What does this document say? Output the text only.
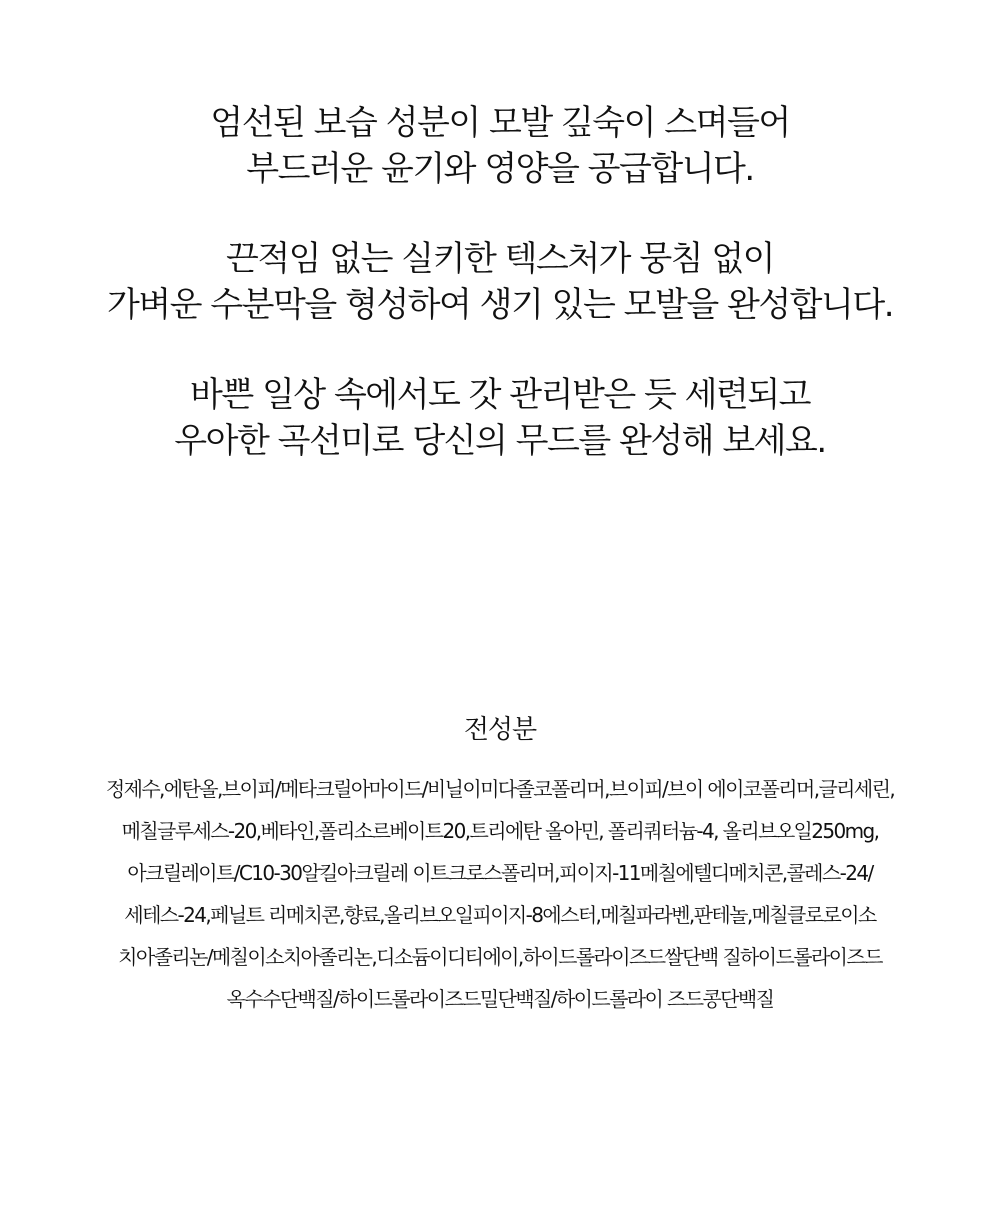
엄선된 보습 성분이 모발 깊숙이 스며들어
부드러운 윤기와 영양을 공급합니다.
끈적임 없는 실키한 텍스처가 뭉침 없이
가벼운 수분막을 형성하여 생기 있는 모발을 완성합니다.
바쁜 일상 속에서도 갓 관리받은 듯 세련되고
우아한 곡선미로 당신의 무드를 완성해 보세요.
전성분
정제수,에탄올,브이피/메타크릴아마이드/비닐이미다졸코폴리머,브이피/브이 에이코폴리머,글리세린,
메칠글루세스-20,베타인,폴리소르베이트20,트리에탄 올아민, 폴리쿼터늄-4, 올리브오일250mg,
아크릴레이트/C10-30알킬아크릴레 이트크로스폴리머,피이지-11메칠에텔디메치콘,콜레스-24/
세테스-24,페닐트 리메치콘,향료,올리브오일피이지-8에스터,메칠파라벤,판테놀,메칠클로로이소
치아졸리논/메칠이소치아졸리논,디소듐이디티에이,하이드롤라이즈드쌀단백 질하이드롤라이즈드
옥수수단백질/하이드롤라이즈드밀단백질/하이드롤라이 즈드콩단백질
